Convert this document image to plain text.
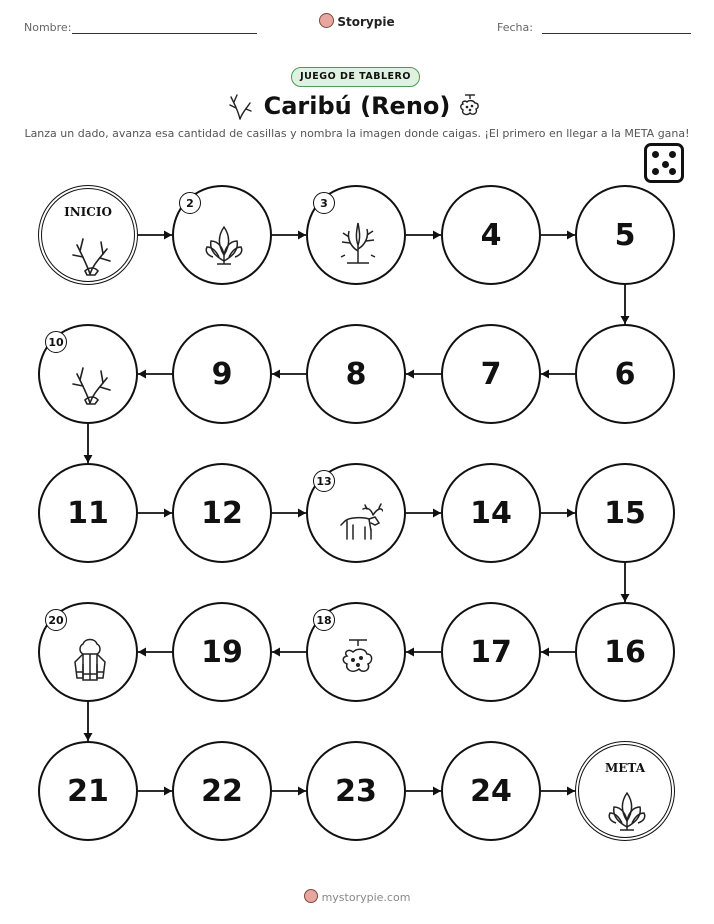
Nombre:	Storypie	Fecha:
JUEGO DE TABLERO
Caribú (Reno)
Lanza un dado, avanza esa cantidad de casillas y nombra la imagen donde caigas. ¡El primero en llegar a la META gana!
INICIO
2	3
4	5
6
7
8
9
10
11	12
13
14	15
16
17
18
19
20
21	22	23	24
META
mystorypie.com
